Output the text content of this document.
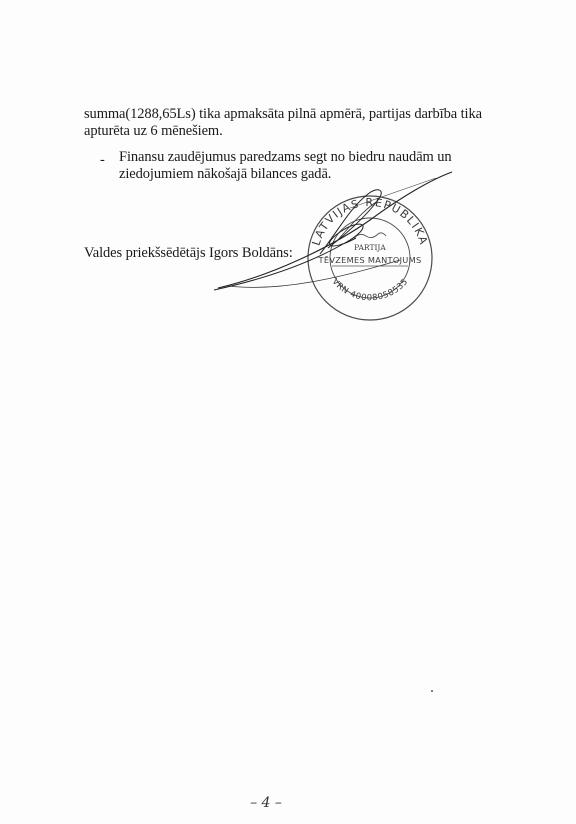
summa(1288,65Ls) tika apmaksāta pilnā apmērā, partijas darbība tika
apturēta uz 6 mēnešiem.
- Finansu zaudējumus paredzams segt no biedru naudām un
ziedojumiem nākošajā bilances gadā.
Valdes priekšsēdētājs Igors Boldāns:
LATVIJAS REPUBLIKA
VRN 40008058535
PARTIJA
TĒVZEMES MANTOJUMS
– 4 –
